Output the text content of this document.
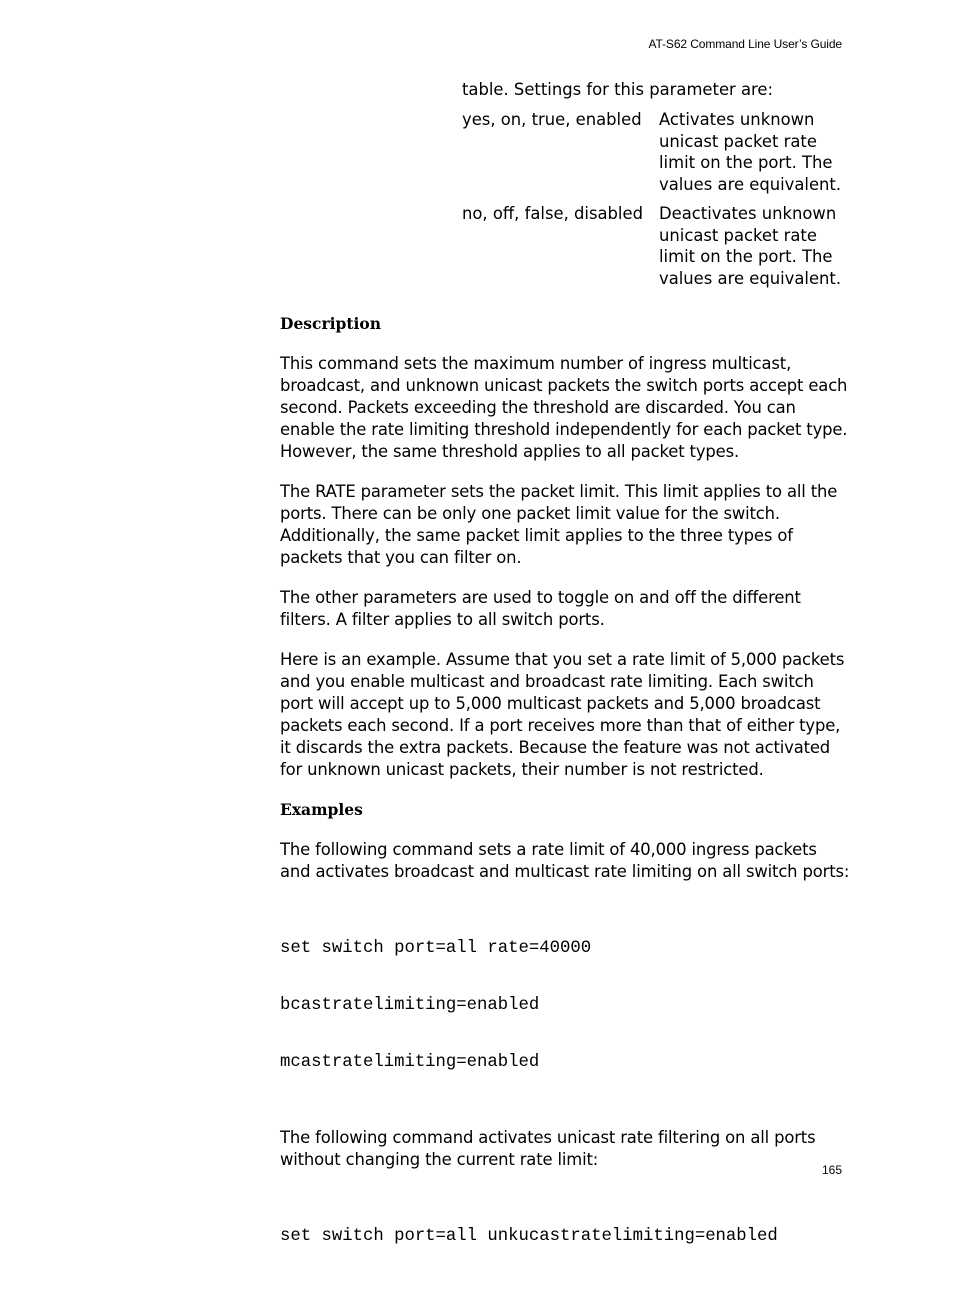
AT-S62 Command Line User’s Guide
table. Settings for this parameter are:
yes, on, true, enabled	Activates unknown unicast packet rate limit on the port. The values are equivalent.
no, off, false, disabled Deactivates unknown unicast packet rate limit on the port. The values are equivalent.
Description

This command sets the maximum number of ingress multicast, broadcast, and unknown unicast packets the switch ports accept each second. Packets exceeding the threshold are discarded. You can enable the rate limiting threshold independently for each packet type. However, the same threshold applies to all packet types.

The RATE parameter sets the packet limit. This limit applies to all the ports. There can be only one packet limit value for the switch. Additionally, the same packet limit applies to the three types of packets that you can filter on.

The other parameters are used to toggle on and off the different filters. A filter applies to all switch ports.

Here is an example. Assume that you set a rate limit of 5,000 packets and you enable multicast and broadcast rate limiting. Each switch port will accept up to 5,000 multicast packets and 5,000 broadcast packets each second. If a port receives more than that of either type, it discards the extra packets. Because the feature was not activated for unknown unicast packets, their number is not restricted.

Examples

The following command sets a rate limit of 40,000 ingress packets and activates broadcast and multicast rate limiting on all switch ports:

set switch port=all rate=40000

bcastratelimiting=enabled

mcastratelimiting=enabled

The following command activates unicast rate filtering on all ports without changing the current rate limit:

set switch port=all unkucastratelimiting=enabled

165
